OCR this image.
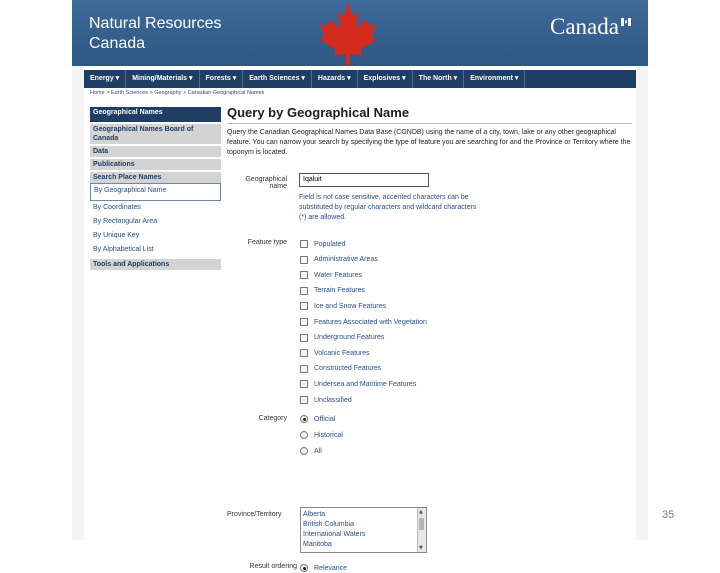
Natural Resources
Canada
Canada
Energy ▾	Mining/Materials ▾	Forests ▾	Earth Sciences ▾	Hazards ▾	Explosives ▾	The North ▾	Environment ▾
Home > Earth Sciences > Geography > Canadian Geographical Names
Geographical Names
Geographical Names Board of Canada
Data
Publications
Search Place Names
By Geographical Name
By Coordinates
By Rectangular Area
By Unique Key
By Alphabetical List
Tools and Applications
Query by Geographical Name
Query the Canadian Geographical Names Data Base (CGNDB) using the name of a city, town, lake or any other geographical feature. You can narrow your search by specifying the type of feature you are searching for and the Province or Territory where the toponym is located.
Geographical
name
Iqaluit
Field is not case sensitive, accented characters can be substituted by regular characters and wildcard characters (*) are allowed.
Feature type	Populated
Administrative Areas
Water Features
Terrain Features
Ice and Snow Features
Features Associated with Vegetation
Underground Features
Volcanic Features
Constructed Features
Undersea and Maritime Features
Unclassified
Category	Official
Historical
All
Province/Territory	Alberta
British Columbia
International Waters
Manitoba
▲
▼
Result ordering Relevance
35
